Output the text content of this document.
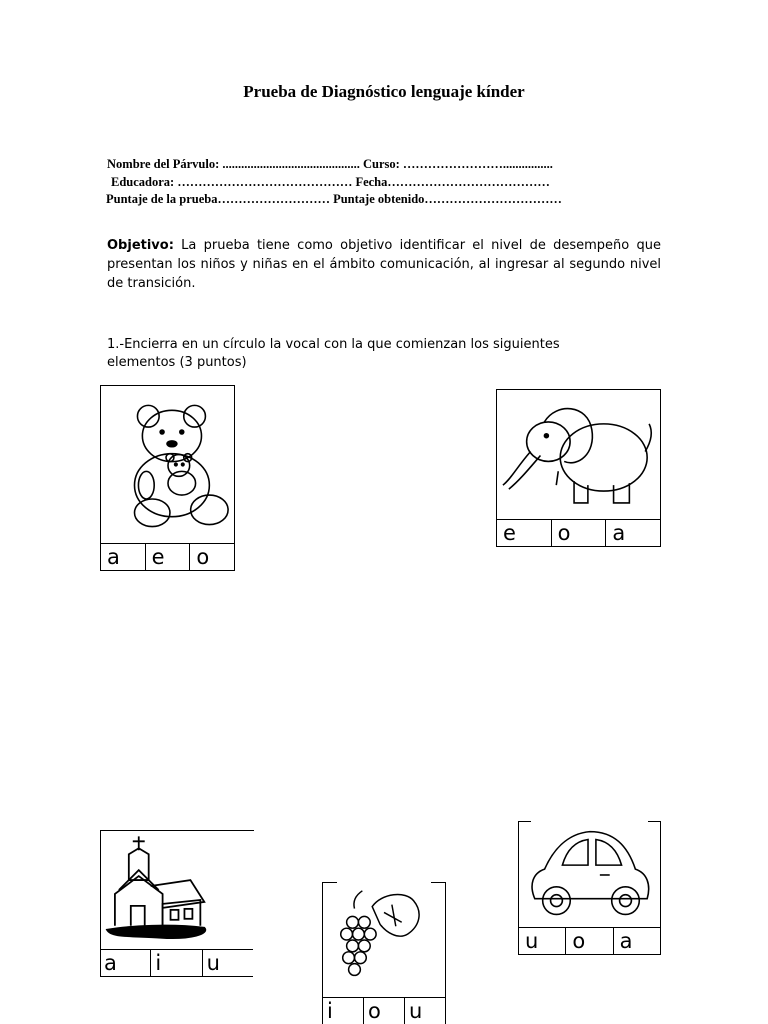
Prueba de Diagnóstico lenguaje kínder
Nombre del Párvulo: ............................................ Curso: ……………………................
Educadora: …………………………………… Fecha…………………………………
Puntaje de la prueba……………………… Puntaje obtenido……………………………
Objetivo: La prueba tiene como objetivo identificar el nivel de desempeño que presentan los niños y niñas en el ámbito comunicación, al ingresar al segundo nivel de transición.
1.-Encierra en un círculo la vocal con la que comienzan los siguientes elementos (3 puntos)
a	e	o
e	o	a
a	i	u
i	o	u
u	o	a
